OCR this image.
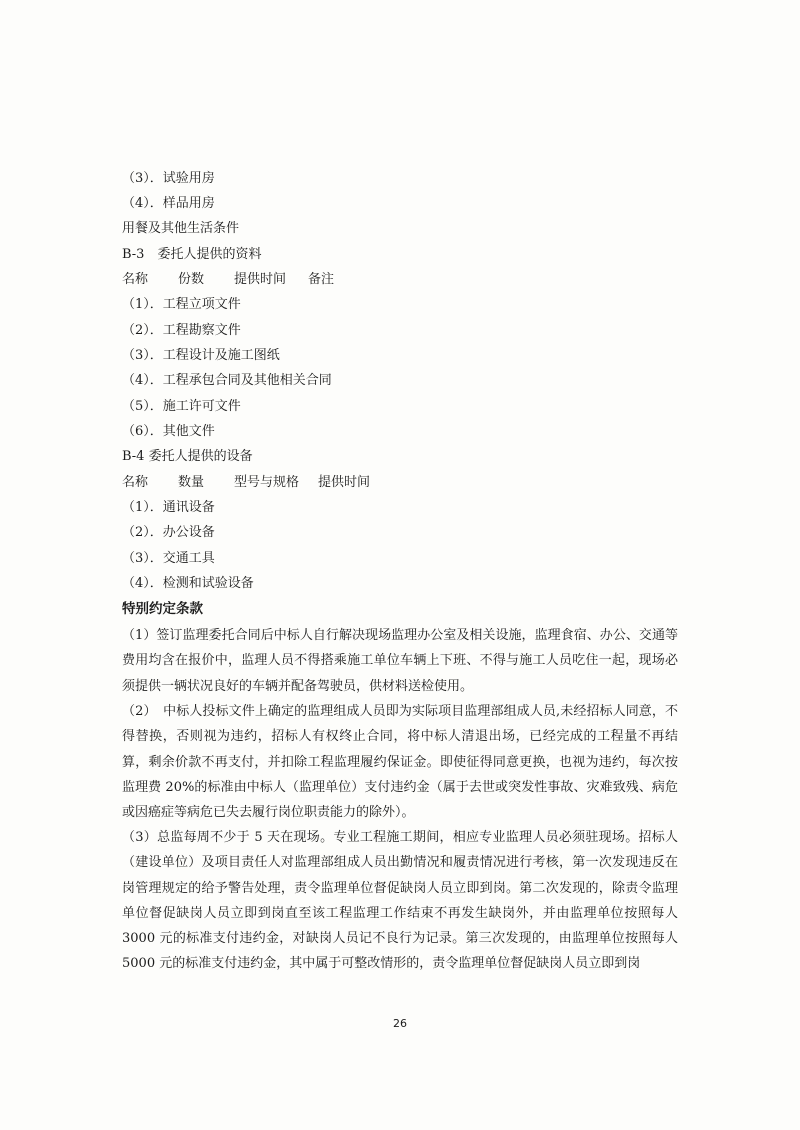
（3）．试验用房
（4）．样品用房
用餐及其他生活条件
B-3　委托人提供的资料
名称 份数 提供时间 备注
（1）．工程立项文件
（2）．工程勘察文件
（3）．工程设计及施工图纸
（4）．工程承包合同及其他相关合同
（5）．施工许可文件
（6）．其他文件
B-4 委托人提供的设备
名称 数量 型号与规格 提供时间
（1）．通讯设备
（2）．办公设备
（3）．交通工具
（4）．检测和试验设备
特别约定条款
（1）签订监理委托合同后中标人自行解决现场监理办公室及相关设施，监理食宿、办公、交通等费用均含在报价中，监理人员不得搭乘施工单位车辆上下班、不得与施工人员吃住一起，现场必须提供一辆状况良好的车辆并配备驾驶员，供材料送检使用。
（2）　中标人投标文件上确定的监理组成人员即为实际项目监理部组成人员,未经招标人同意，不得替换，否则视为违约，招标人有权终止合同，将中标人清退出场，已经完成的工程量不再结算，剩余价款不再支付，并扣除工程监理履约保证金。即使征得同意更换，也视为违约，每次按监理费 20%的标准由中标人（监理单位）支付违约金（属于去世或突发性事故、灾难致残、病危或因癌症等病危已失去履行岗位职责能力的除外）。
（3）总监每周不少于 5 天在现场。专业工程施工期间，相应专业监理人员必须驻现场。招标人（建设单位）及项目责任人对监理部组成人员出勤情况和履责情况进行考核，第一次发现违反在岗管理规定的给予警告处理，责令监理单位督促缺岗人员立即到岗。第二次发现的，除责令监理单位督促缺岗人员立即到岗直至该工程监理工作结束不再发生缺岗外，并由监理单位按照每人 3000 元的标准支付违约金，对缺岗人员记不良行为记录。第三次发现的，由监理单位按照每人 5000 元的标准支付违约金，其中属于可整改情形的，责令监理单位督促缺岗人员立即到岗
26
